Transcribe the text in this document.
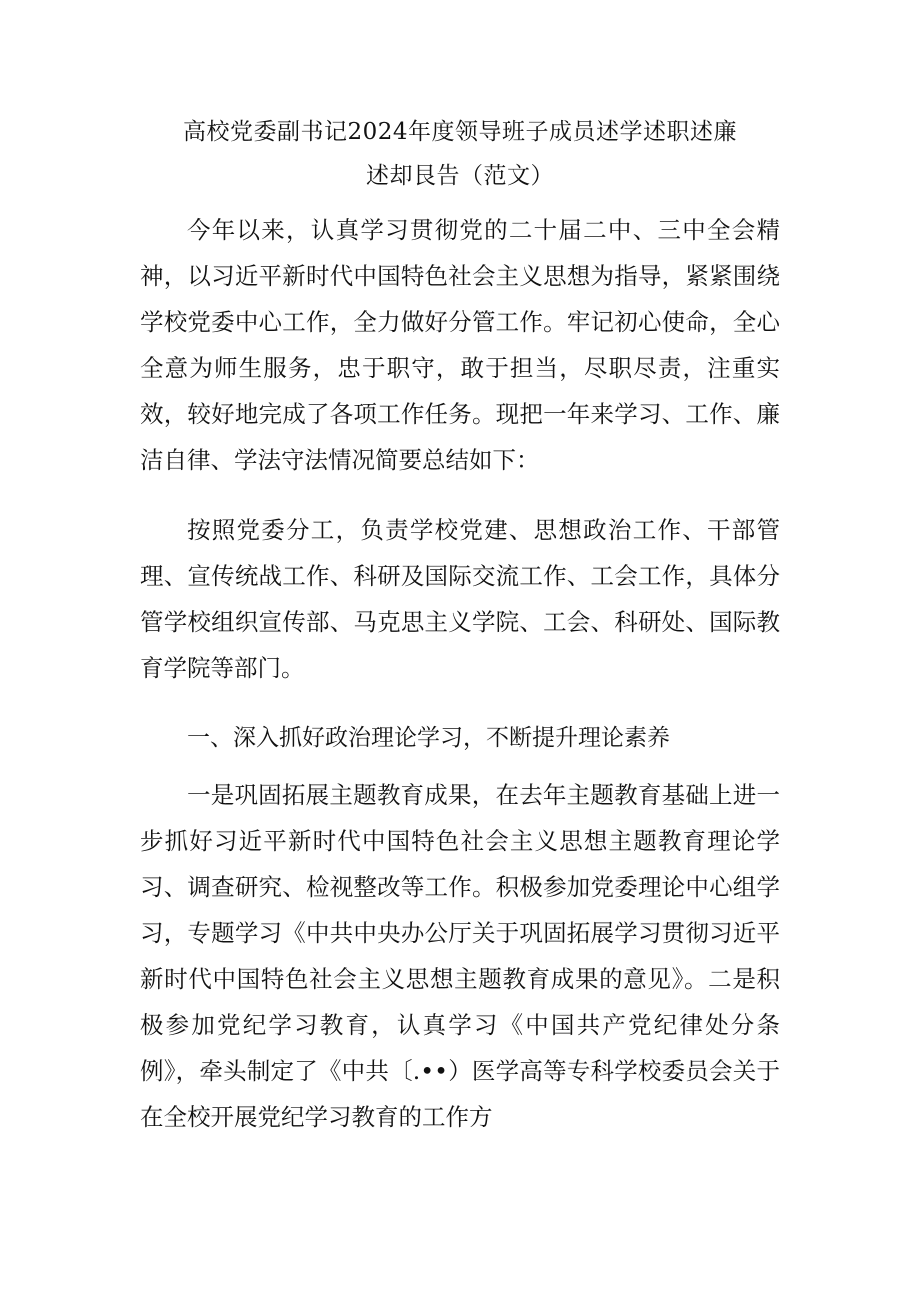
高校党委副书记2024年度领导班子成员述学述职述廉
述却艮告（范文）

今年以来，认真学习贯彻党的二十届二中、三中全会精神，以习近平新时代中国特色社会主义思想为指导，紧紧围绕学校党委中心工作，全力做好分管工作。牢记初心使命，全心全意为师生服务，忠于职守，敢于担当，尽职尽责，注重实效，较好地完成了各项工作任务。现把一年来学习、工作、廉洁自律、学法守法情况简要总结如下：

按照党委分工，负责学校党建、思想政治工作、干部管理、宣传统战工作、科研及国际交流工作、工会工作，具体分管学校组织宣传部、马克思主义学院、工会、科研处、国际教育学院等部门。

一、深入抓好政治理论学习，不断提升理论素养

一是巩固拓展主题教育成果，在去年主题教育基础上进一步抓好习近平新时代中国特色社会主义思想主题教育理论学习、调查研究、检视整改等工作。积极参加党委理论中心组学习，专题学习《中共中央办公厅关于巩固拓展学习贯彻习近平新时代中国特色社会主义思想主题教育成果的意见》。二是积极参加党纪学习教育，认真学习《中国共产党纪律处分条例》，牵头制定了《中共〔.••）医学高等专科学校委员会关于在全校开展党纪学习教育的工作方
